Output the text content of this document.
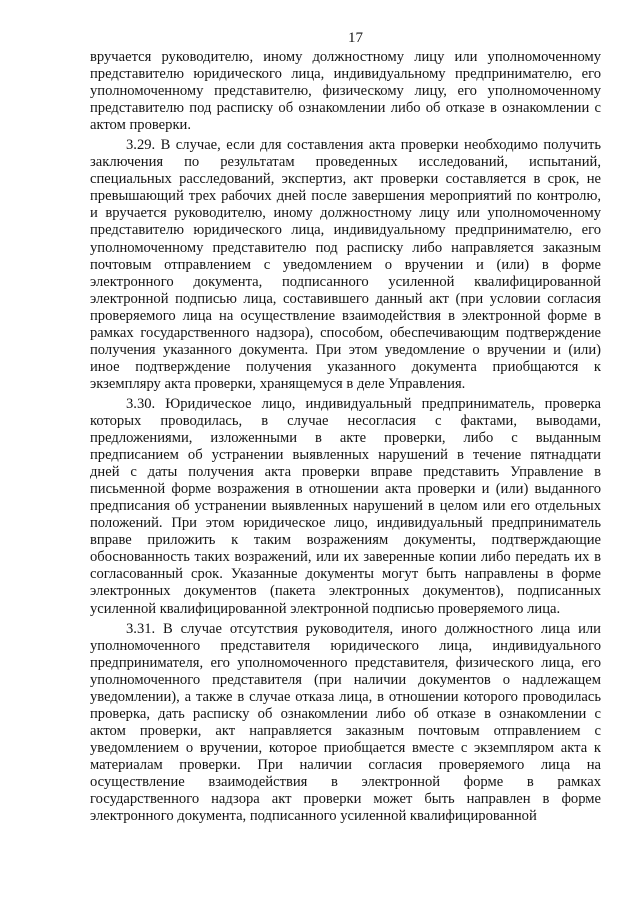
17
вручается руководителю, иному должностному лицу или уполномоченному
представителю юридического лица, индивидуальному предпринимателю, его
уполномоченному представителю, физическому лицу, его уполномоченному
представителю под расписку об ознакомлении либо об отказе в ознакомлении с
актом проверки.
3.29. В случае, если для составления акта проверки необходимо получить
заключения по результатам проведенных исследований, испытаний,
специальных расследований, экспертиз, акт проверки составляется в срок, не
превышающий трех рабочих дней после завершения мероприятий по контролю,
и вручается руководителю, иному должностному лицу или уполномоченному
представителю юридического лица, индивидуальному предпринимателю, его
уполномоченному представителю под расписку либо направляется заказным
почтовым отправлением с уведомлением о вручении и (или) в форме
электронного документа, подписанного усиленной квалифицированной
электронной подписью лица, составившего данный акт (при условии согласия
проверяемого лица на осуществление взаимодействия в электронной форме в
рамках государственного надзора), способом, обеспечивающим подтверждение
получения указанного документа. При этом уведомление о вручении и (или)
иное подтверждение получения указанного документа приобщаются к
экземпляру акта проверки, хранящемуся в деле Управления.
3.30. Юридическое лицо, индивидуальный предприниматель, проверка
которых проводилась, в случае несогласия с фактами, выводами,
предложениями, изложенными в акте проверки, либо с выданным
предписанием об устранении выявленных нарушений в течение пятнадцати
дней с даты получения акта проверки вправе представить Управление в
письменной форме возражения в отношении акта проверки и (или) выданного
предписания об устранении выявленных нарушений в целом или его отдельных
положений. При этом юридическое лицо, индивидуальный предприниматель
вправе приложить к таким возражениям документы, подтверждающие
обоснованность таких возражений, или их заверенные копии либо передать их в
согласованный срок. Указанные документы могут быть направлены в форме
электронных документов (пакета электронных документов), подписанных
усиленной квалифицированной электронной подписью проверяемого лица.
3.31. В случае отсутствия руководителя, иного должностного лица или
уполномоченного представителя юридического лица, индивидуального
предпринимателя, его уполномоченного представителя, физического лица, его
уполномоченного представителя (при наличии документов о надлежащем
уведомлении), а также в случае отказа лица, в отношении которого проводилась
проверка, дать расписку об ознакомлении либо об отказе в ознакомлении с
актом проверки, акт направляется заказным почтовым отправлением с
уведомлением о вручении, которое приобщается вместе с экземпляром акта к
материалам проверки. При наличии согласия проверяемого лица на
осуществление взаимодействия в электронной форме в рамках
государственного надзора акт проверки может быть направлен в форме
электронного документа, подписанного усиленной квалифицированной
